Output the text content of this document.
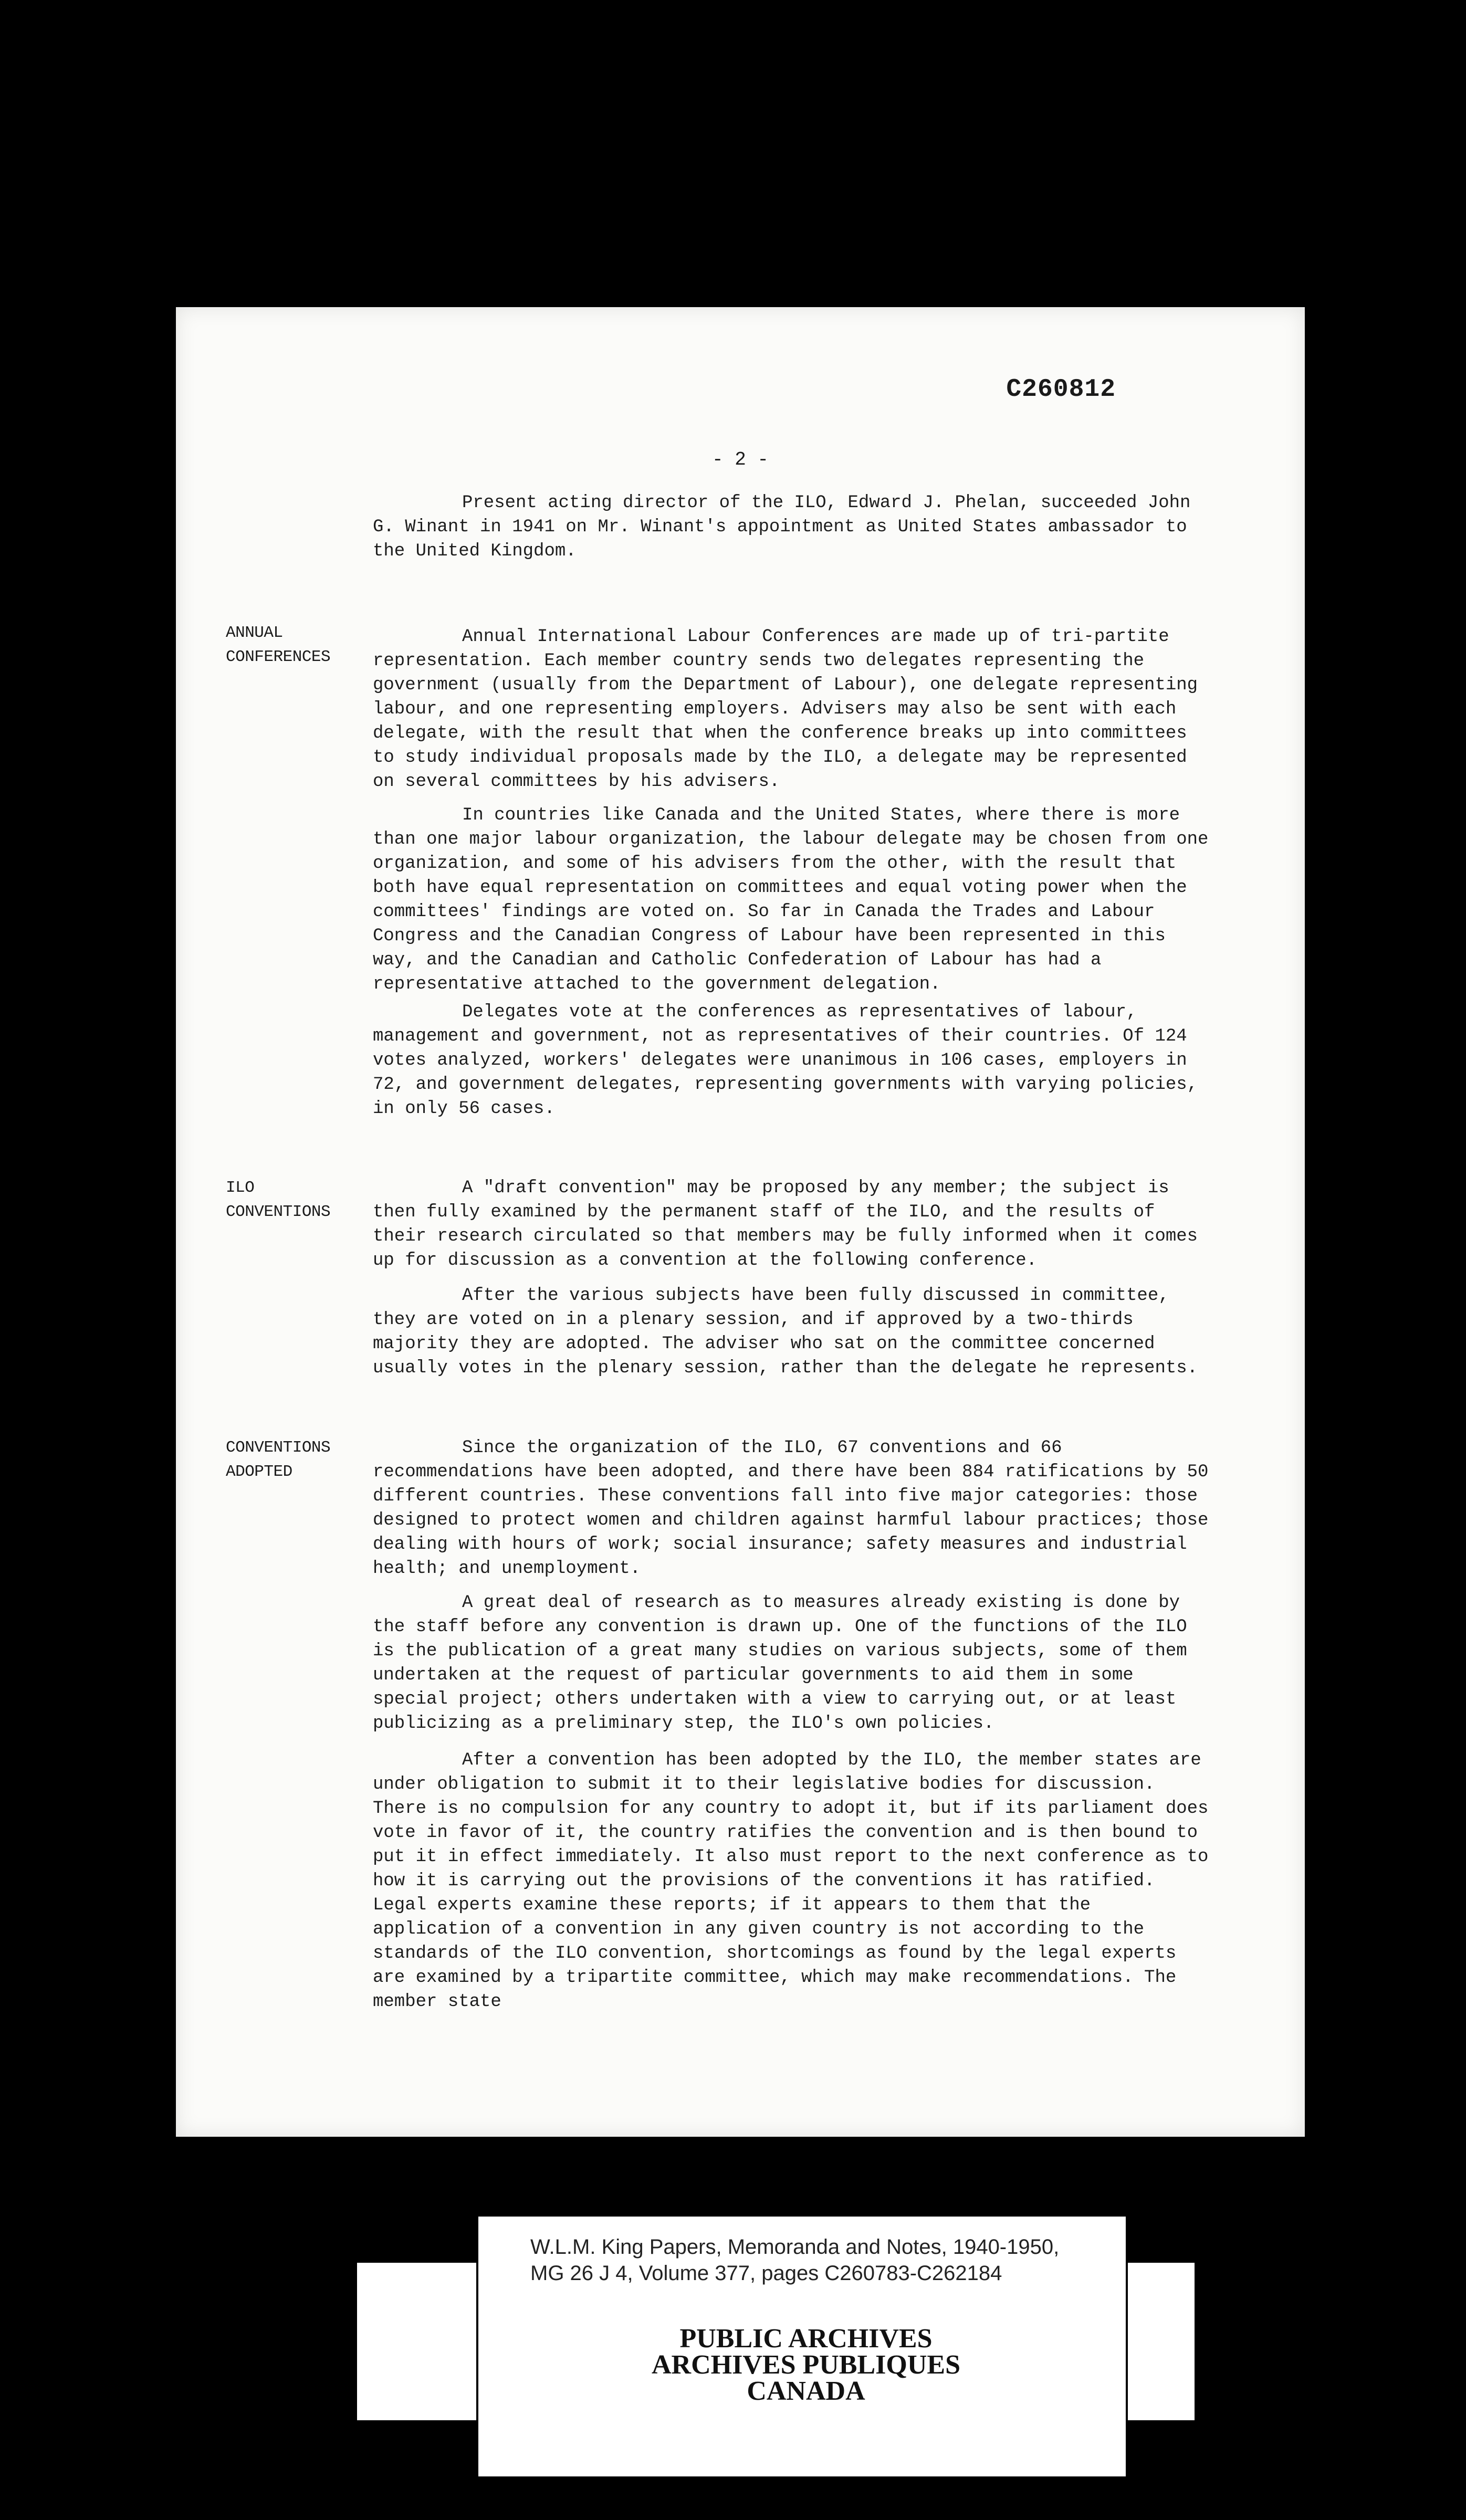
C260812
- 2 -
Present acting director of the ILO, Edward J. Phelan, succeeded John G. Winant in 1941 on Mr. Winant's appointment as United States ambassador to the United Kingdom.
ANNUAL CONFERENCES
Annual International Labour Conferences are made up of tri-partite representation. Each member country sends two delegates representing the government (usually from the Department of Labour), one delegate representing labour, and one representing employers. Advisers may also be sent with each delegate, with the result that when the conference breaks up into committees to study individual proposals made by the ILO, a delegate may be represented on several committees by his advisers.
In countries like Canada and the United States, where there is more than one major labour organization, the labour delegate may be chosen from one organization, and some of his advisers from the other, with the result that both have equal representation on committees and equal voting power when the committees' findings are voted on. So far in Canada the Trades and Labour Congress and the Canadian Congress of Labour have been represented in this way, and the Canadian and Catholic Confederation of Labour has had a representative attached to the government delegation.
Delegates vote at the conferences as representatives of labour, management and government, not as representatives of their countries. Of 124 votes analyzed, workers' delegates were unanimous in 106 cases, employers in 72, and government delegates, representing governments with varying policies, in only 56 cases.
ILO CONVENTIONS
A "draft convention" may be proposed by any member; the subject is then fully examined by the permanent staff of the ILO, and the results of their research circulated so that members may be fully informed when it comes up for discussion as a convention at the following conference.
After the various subjects have been fully discussed in committee, they are voted on in a plenary session, and if approved by a two-thirds majority they are adopted. The adviser who sat on the committee concerned usually votes in the plenary session, rather than the delegate he represents.
CONVENTIONS ADOPTED
Since the organization of the ILO, 67 conventions and 66 recommendations have been adopted, and there have been 884 ratifications by 50 different countries. These conventions fall into five major categories: those designed to protect women and children against harmful labour practices; those dealing with hours of work; social insurance; safety measures and industrial health; and unemployment.
A great deal of research as to measures already existing is done by the staff before any convention is drawn up. One of the functions of the ILO is the publication of a great many studies on various subjects, some of them undertaken at the request of particular governments to aid them in some special project; others undertaken with a view to carrying out, or at least publicizing as a preliminary step, the ILO's own policies.
After a convention has been adopted by the ILO, the member states are under obligation to submit it to their legislative bodies for discussion. There is no compulsion for any country to adopt it, but if its parliament does vote in favor of it, the country ratifies the convention and is then bound to put it in effect immediately. It also must report to the next conference as to how it is carrying out the provisions of the conventions it has ratified. Legal experts examine these reports; if it appears to them that the application of a convention in any given country is not according to the standards of the ILO convention, shortcomings as found by the legal experts are examined by a tripartite committee, which may make recommendations. The member state
W.L.M. King Papers, Memoranda and Notes, 1940-1950,
MG 26 J 4, Volume 377, pages C260783-C262184
PUBLIC ARCHIVES
ARCHIVES PUBLIQUES
CANADA
